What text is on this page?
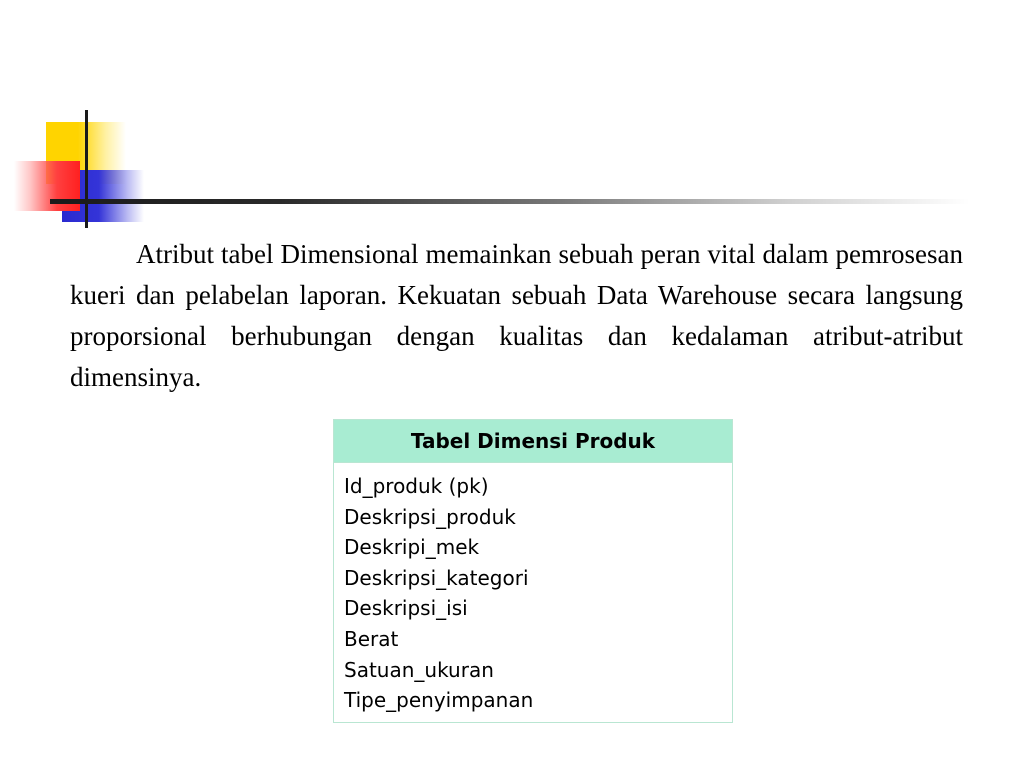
Atribut tabel Dimensional memainkan sebuah peran vital dalam pemrosesan kueri dan pelabelan laporan. Kekuatan sebuah Data Warehouse secara langsung proporsional berhubungan dengan kualitas dan kedalaman atribut-atribut dimensinya.

Tabel Dimensi Produk
Id_produk (pk)
Deskripsi_produk
Deskripi_mek
Deskripsi_kategori
Deskripsi_isi
Berat
Satuan_ukuran
Tipe_penyimpanan
